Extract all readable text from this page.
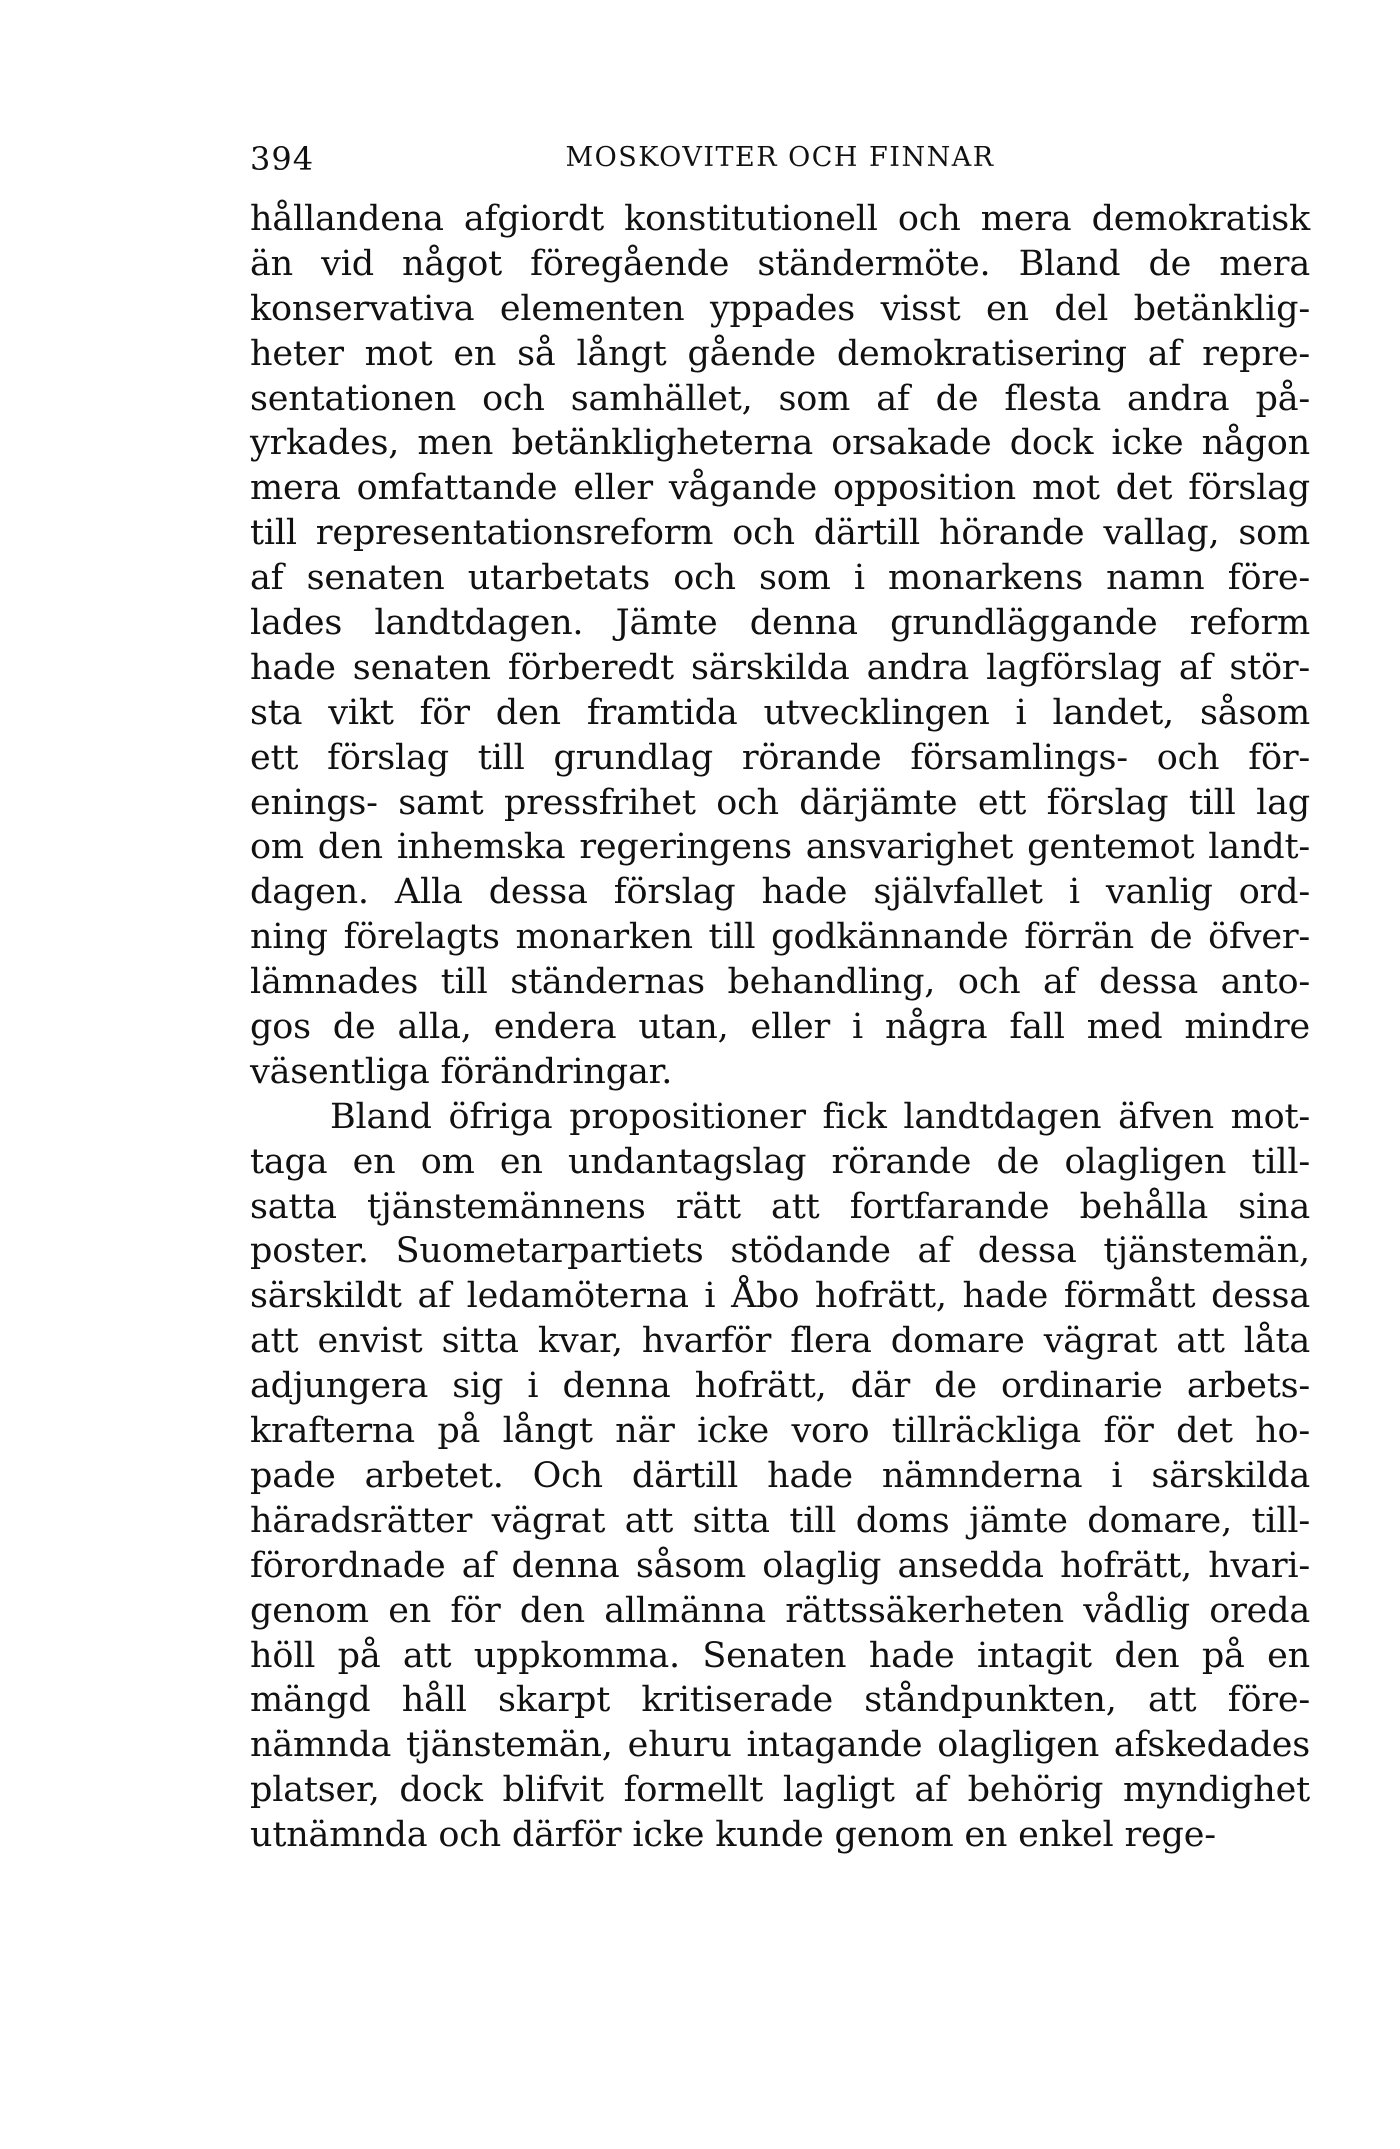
394	MOSKOVITER OCH FINNAR
hållandena afgiordt konstitutionell och mera demokratisk
än vid något föregående ständermöte. Bland de mera
konservativa elementen yppades visst en del betänklig-
heter mot en så långt gående demokratisering af repre-
sentationen och samhället, som af de flesta andra på-
yrkades, men betänkligheterna orsakade dock icke någon
mera omfattande eller vågande opposition mot det förslag
till representationsreform och därtill hörande vallag, som
af senaten utarbetats och som i monarkens namn före-
lades landtdagen. Jämte denna grundläggande reform
hade senaten förberedt särskilda andra lagförslag af stör-
sta vikt för den framtida utvecklingen i landet, såsom
ett förslag till grundlag rörande församlings- och för-
enings- samt pressfrihet och därjämte ett förslag till lag
om den inhemska regeringens ansvarighet gentemot landt-
dagen. Alla dessa förslag hade självfallet i vanlig ord-
ning förelagts monarken till godkännande förrän de öfver-
lämnades till ständernas behandling, och af dessa anto-
gos de alla, endera utan, eller i några fall med mindre
väsentliga förändringar.
Bland öfriga propositioner fick landtdagen äfven mot-
taga en om en undantagslag rörande de olagligen till-
satta tjänstemännens rätt att fortfarande behålla sina
poster. Suometarpartiets stödande af dessa tjänstemän,
särskildt af ledamöterna i Åbo hofrätt, hade förmått dessa
att envist sitta kvar, hvarför flera domare vägrat att låta
adjungera sig i denna hofrätt, där de ordinarie arbets-
krafterna på långt när icke voro tillräckliga för det ho-
pade arbetet. Och därtill hade nämnderna i särskilda
häradsrätter vägrat att sitta till doms jämte domare, till-
förordnade af denna såsom olaglig ansedda hofrätt, hvari-
genom en för den allmänna rättssäkerheten vådlig oreda
höll på att uppkomma. Senaten hade intagit den på en
mängd håll skarpt kritiserade ståndpunkten, att före-
nämnda tjänstemän, ehuru intagande olagligen afskedades
platser, dock blifvit formellt lagligt af behörig myndighet
utnämnda och därför icke kunde genom en enkel rege-
